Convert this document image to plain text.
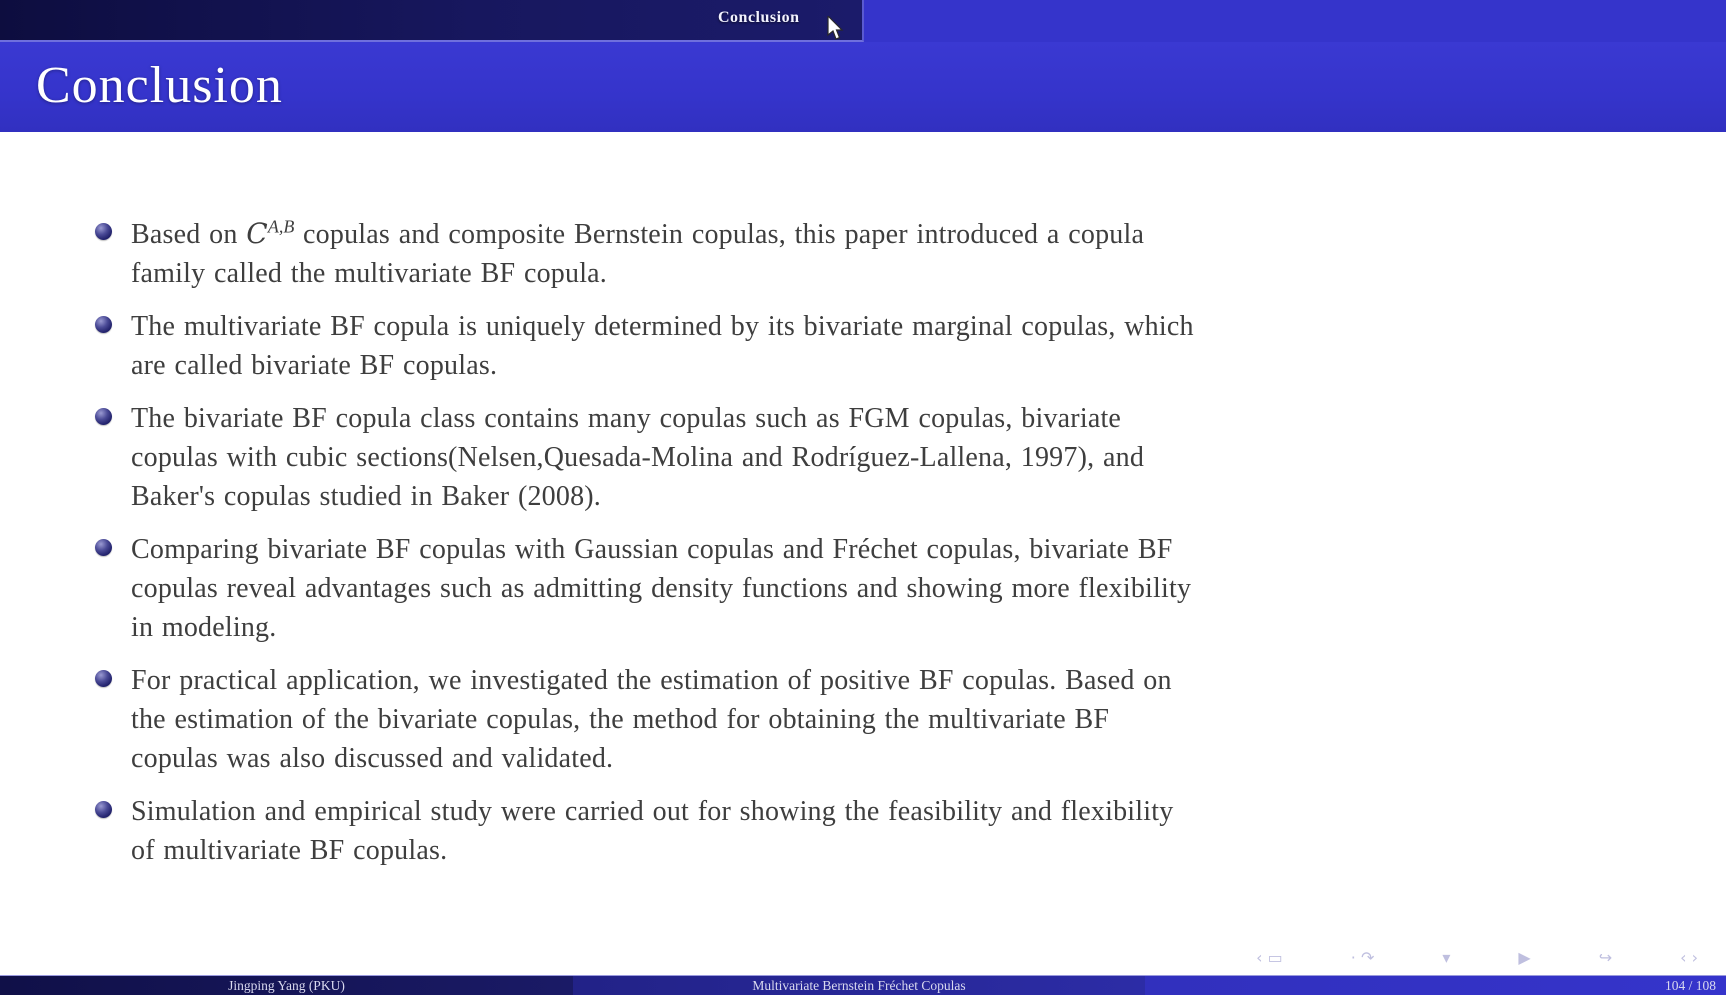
Conclusion
Conclusion
Based on $C^{A,B}$ copulas and composite Bernstein copulas, this paper introduced a copula
family called the multivariate BF copula.
The multivariate BF copula is uniquely determined by its bivariate marginal copulas, which
are called bivariate BF copulas.
The bivariate BF copula class contains many copulas such as FGM copulas, bivariate
copulas with cubic sections(Nelsen,Quesada-Molina and Rodríguez-Lallena, 1997), and
Baker's copulas studied in Baker (2008).
Comparing bivariate BF copulas with Gaussian copulas and Fréchet copulas, bivariate BF
copulas reveal advantages such as admitting density functions and showing more flexibility
in modeling.
For practical application, we investigated the estimation of positive BF copulas. Based on
the estimation of the bivariate copulas, the method for obtaining the multivariate BF
copulas was also discussed and validated.
Simulation and empirical study were carried out for showing the feasibility and flexibility
of multivariate BF copulas.
‹ ▭	· ↷	▾	▶	↪	‹ ›
Jingping Yang (PKU)	Multivariate Bernstein Fréchet Copulas	104 / 108
